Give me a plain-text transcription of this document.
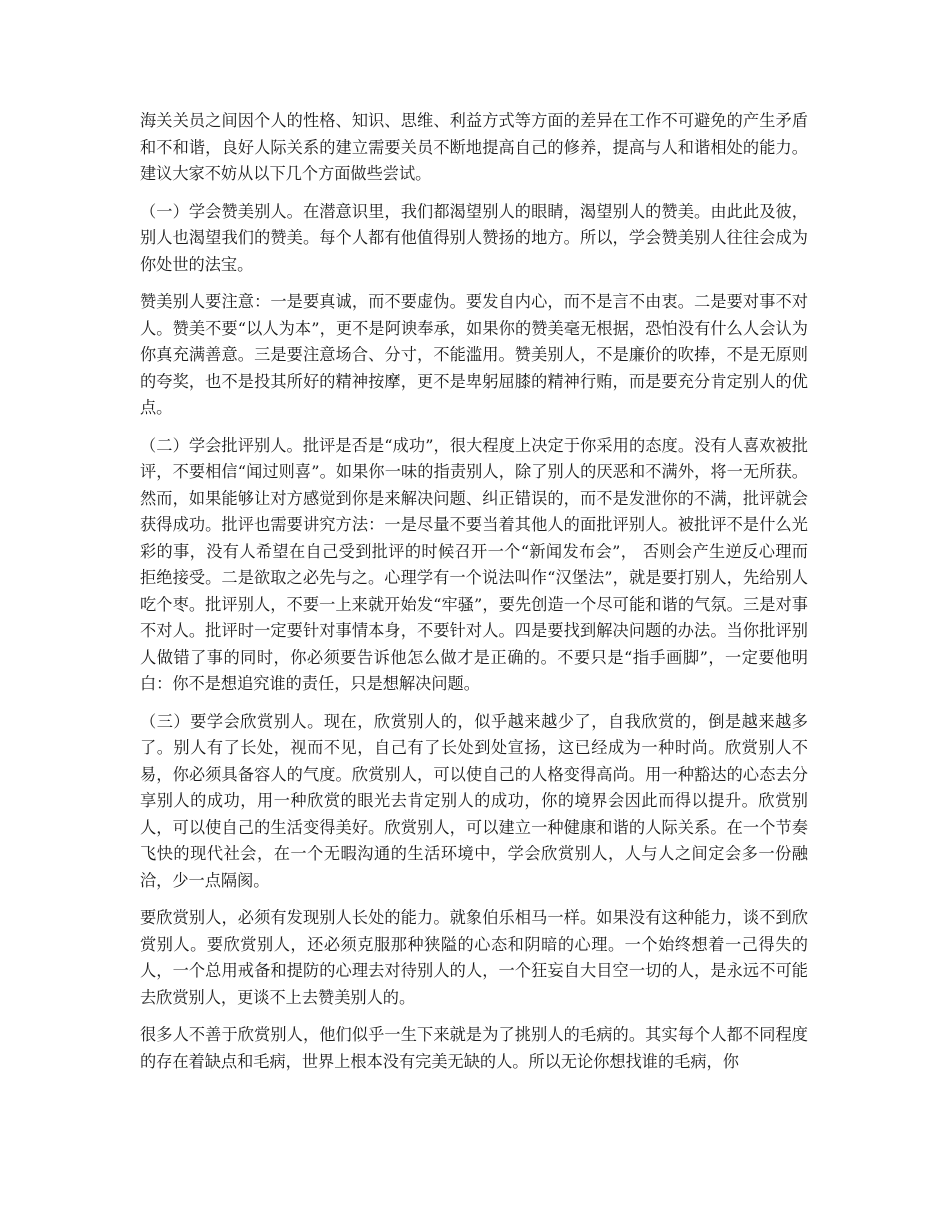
海关关员之间因个人的性格、知识、思维、利益方式等方面的差异在工作不可避免的产生矛盾和不和谐，良好人际关系的建立需要关员不断地提高自己的修养，提高与人和谐相处的能力。建议大家不妨从以下几个方面做些尝试。

（一）学会赞美别人。在潜意识里，我们都渴望别人的眼睛，渴望别人的赞美。由此此及彼，别人也渴望我们的赞美。每个人都有他值得别人赞扬的地方。所以，学会赞美别人往往会成为你处世的法宝。

赞美别人要注意：一是要真诚，而不要虚伪。要发自内心，而不是言不由衷。二是要对事不对人。赞美不要“以人为本”，更不是阿谀奉承，如果你的赞美毫无根据，恐怕没有什么人会认为你真充满善意。三是要注意场合、分寸，不能滥用。赞美别人，不是廉价的吹捧，不是无原则的夸奖，也不是投其所好的精神按摩，更不是卑躬屈膝的精神行贿，而是要充分肯定别人的优点。

（二）学会批评别人。批评是否是“成功”，很大程度上决定于你采用的态度。没有人喜欢被批评，不要相信“闻过则喜”。如果你一味的指责别人，除了别人的厌恶和不满外，将一无所获。然而，如果能够让对方感觉到你是来解决问题、纠正错误的，而不是发泄你的不满，批评就会获得成功。批评也需要讲究方法：一是尽量不要当着其他人的面批评别人。被批评不是什么光彩的事，没有人希望在自己受到批评的时候召开一个“新闻发布会”， 否则会产生逆反心理而拒绝接受。二是欲取之必先与之。心理学有一个说法叫作“汉堡法”，就是要打别人，先给别人吃个枣。批评别人，不要一上来就开始发“牢骚”，要先创造一个尽可能和谐的气氛。三是对事不对人。批评时一定要针对事情本身，不要针对人。四是要找到解决问题的办法。当你批评别人做错了事的同时，你必须要告诉他怎么做才是正确的。不要只是“指手画脚”，一定要他明白：你不是想追究谁的责任，只是想解决问题。

（三）要学会欣赏别人。现在，欣赏别人的，似乎越来越少了，自我欣赏的，倒是越来越多了。别人有了长处，视而不见，自己有了长处到处宣扬，这已经成为一种时尚。欣赏别人不易，你必须具备容人的气度。欣赏别人，可以使自己的人格变得高尚。用一种豁达的心态去分享别人的成功，用一种欣赏的眼光去肯定别人的成功，你的境界会因此而得以提升。欣赏别人，可以使自己的生活变得美好。欣赏别人，可以建立一种健康和谐的人际关系。在一个节奏飞快的现代社会，在一个无暇沟通的生活环境中，学会欣赏别人，人与人之间定会多一份融洽，少一点隔阂。

要欣赏别人，必须有发现别人长处的能力。就象伯乐相马一样。如果没有这种能力，谈不到欣赏别人。要欣赏别人，还必须克服那种狭隘的心态和阴暗的心理。一个始终想着一己得失的人，一个总用戒备和提防的心理去对待别人的人，一个狂妄自大目空一切的人，是永远不可能去欣赏别人，更谈不上去赞美别人的。

很多人不善于欣赏别人，他们似乎一生下来就是为了挑别人的毛病的。其实每个人都不同程度的存在着缺点和毛病，世界上根本没有完美无缺的人。所以无论你想找谁的毛病，你
